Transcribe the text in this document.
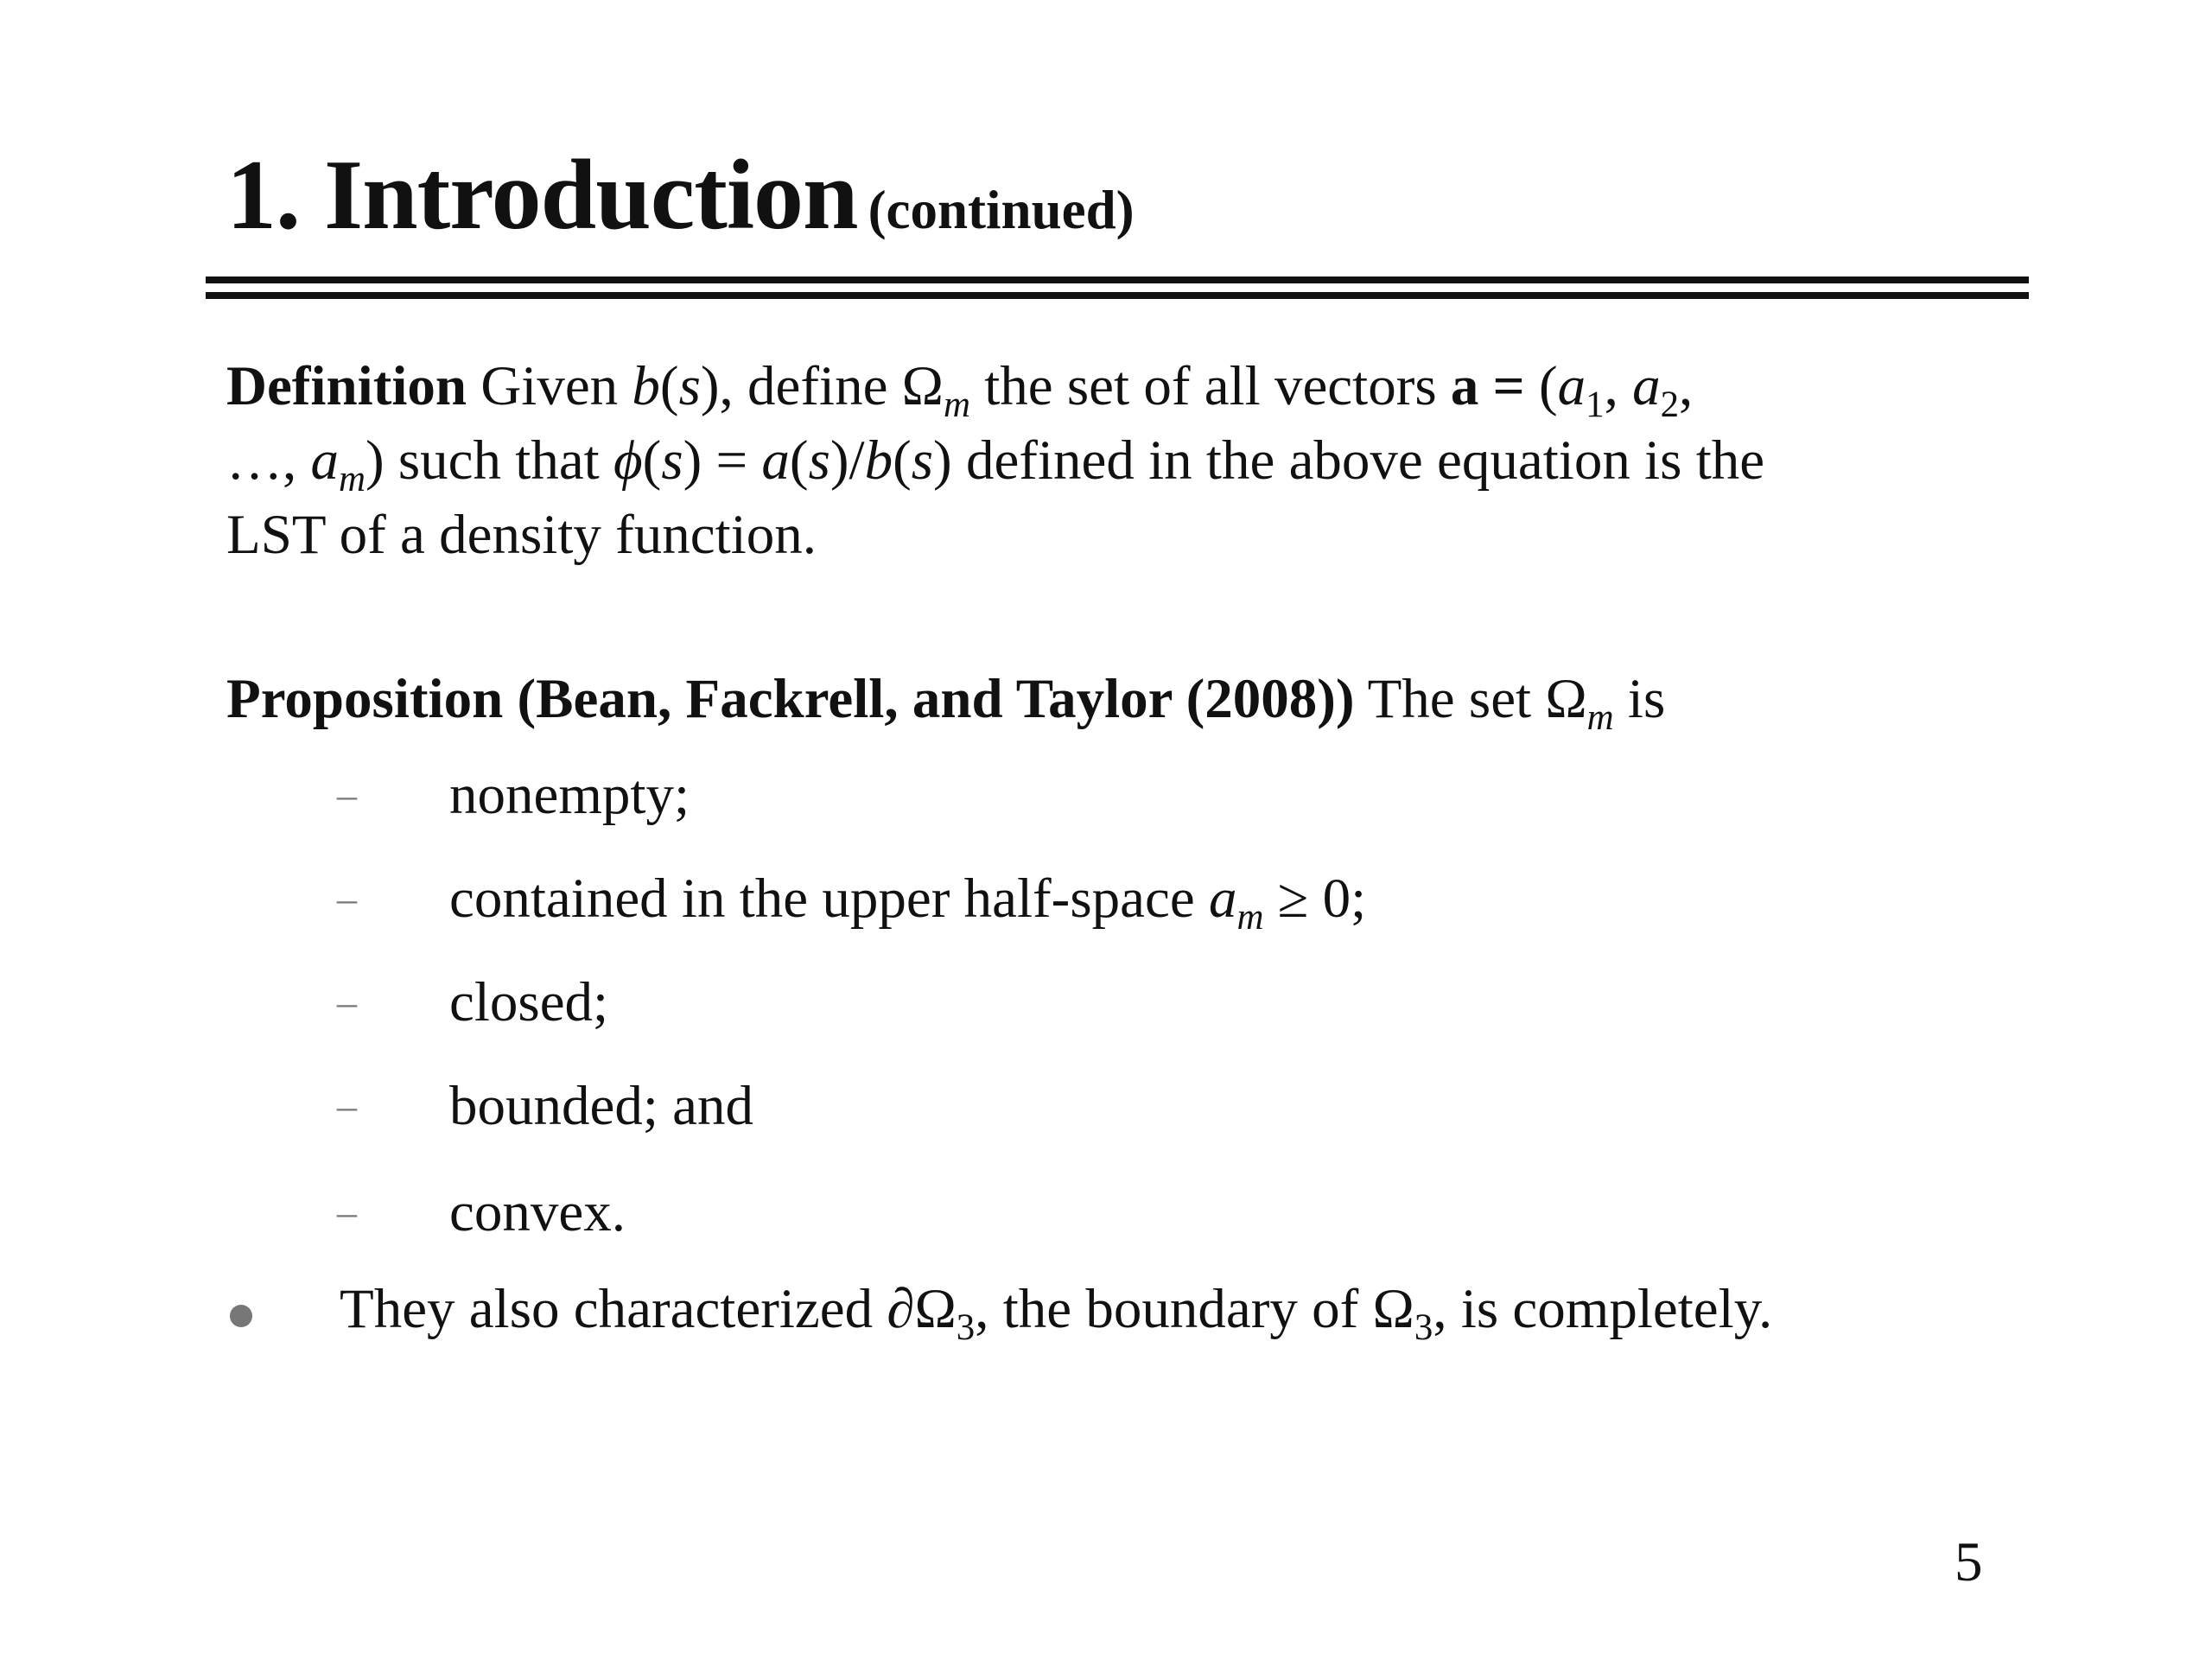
1. Introduction (continued)
Definition Given b(s), define $\Omega_m$ the set of all vectors $a = (a_1$, $a_2$,
…, $a_m$) such that ϕ(s) = a(s)/b(s) defined in the above equation is the
LST of a density function.
Proposition (Bean, Fackrell, and Taylor (2008)) The set $\Omega_m$ is
– nonempty;
– contained in the upper half-space $a_m \ge 0$;
– closed;
– bounded; and
– convex.
They also characterized $\partial\Omega_3$, the boundary of $\Omega_3$, is completely.
5
